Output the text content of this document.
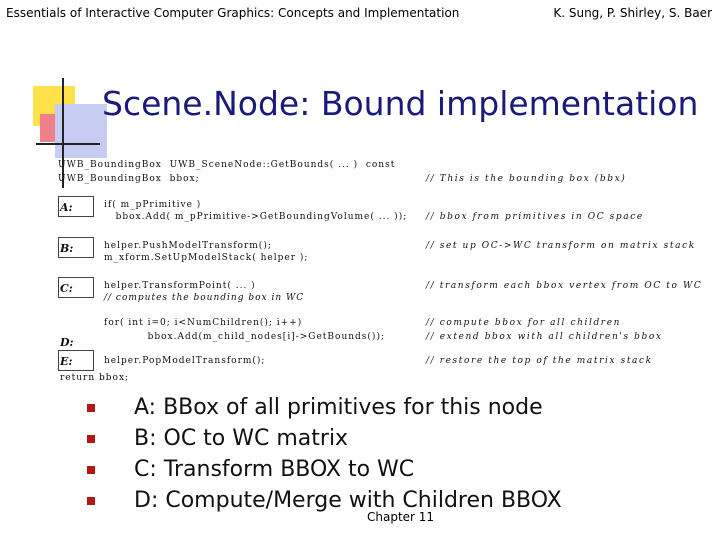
Essentials of Interactive Computer Graphics: Concepts and Implementation	K. Sung, P. Shirley, S. Baer
Scene.Node: Bound implementation
UWB_BoundingBox  UWB_SceneNode::GetBounds( ... )  const
UWB_BoundingBox  bbox;	// This is the bounding box (bbx)
A:	if( m_pPrimitive )
bbox.Add( m_pPrimitive->GetBoundingVolume( ... )); // bbox from primitives in OC space
B:	helper.PushModelTransform();	// set up OC->WC transform on matrix stack
m_xform.SetUpModelStack( helper );
C:	helper.TransformPoint( ... )	// transform each bbox vertex from OC to WC
// computes the bounding box in WC
for( int i=0; i<NumChildren(); i++)	// compute bbox for all children
D:	bbox.Add(m_child_nodes[i]->GetBounds());	// extend bbox with all children's bbox
E:	helper.PopModelTransform();	// restore the top of the matrix stack
return bbox;
A: BBox of all primitives for this node
B: OC to WC matrix
C: Transform BBOX to WC
D: Compute/Merge with Children BBOX
Chapter 11
